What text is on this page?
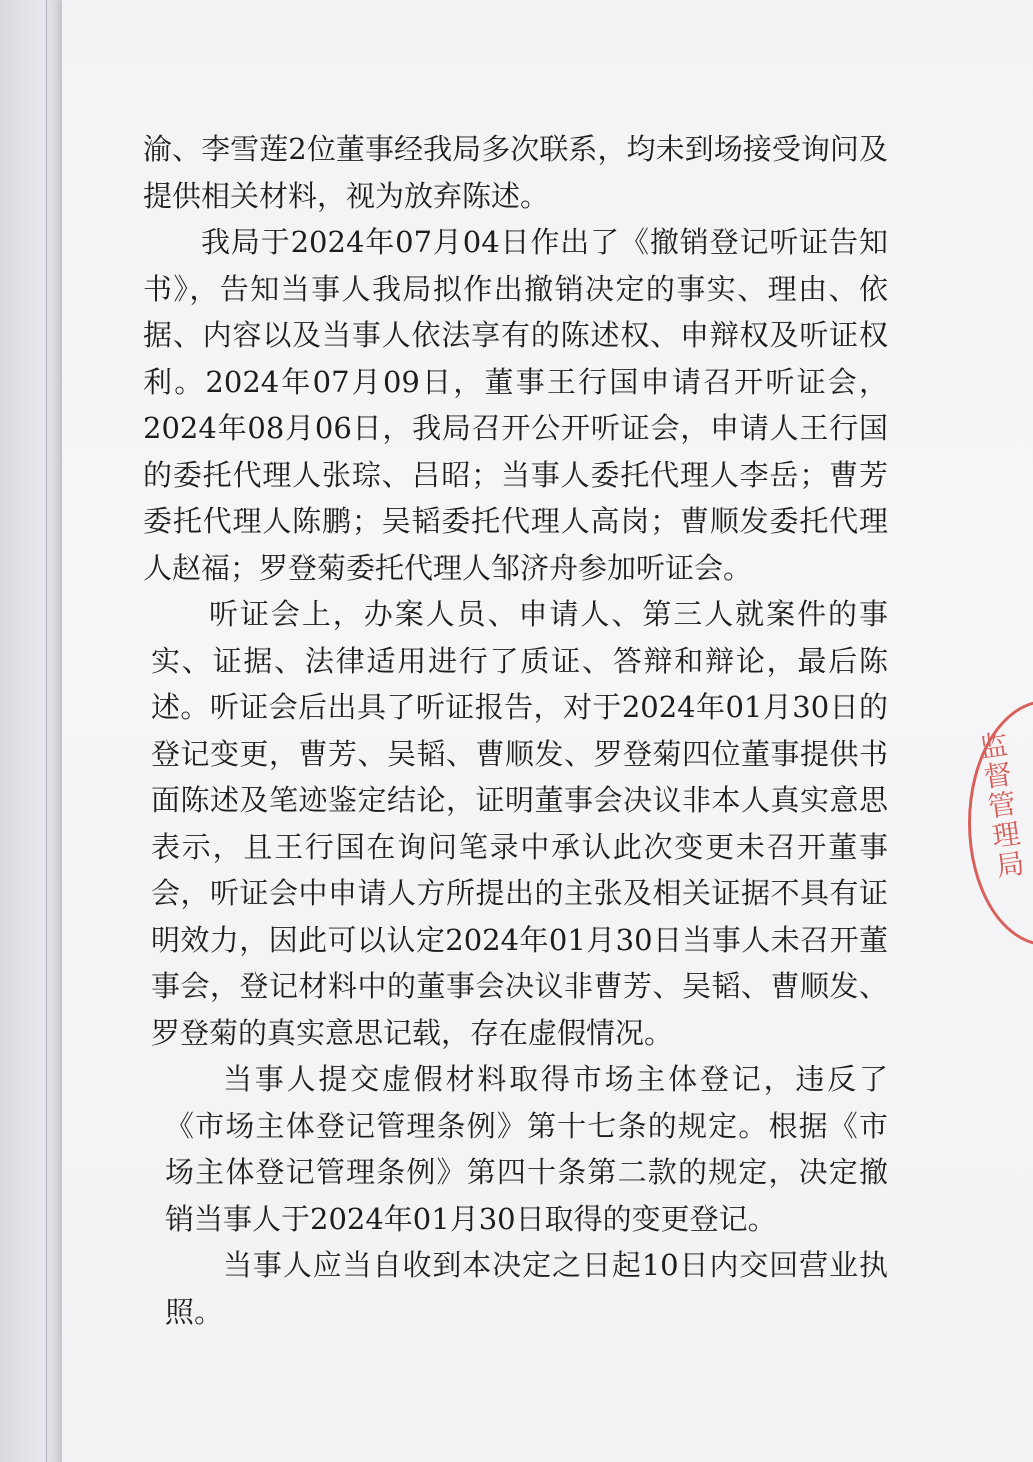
渝、李雪莲2位董事经我局多次联系，均未到场接受询问及提供相关材料，视为放弃陈述。

我局于2024年07月04日作出了《撤销登记听证告知书》，告知当事人我局拟作出撤销决定的事实、理由、依据、内容以及当事人依法享有的陈述权、申辩权及听证权利。2024年07月09日，董事王行国申请召开听证会，2024年08月06日，我局召开公开听证会，申请人王行国的委托代理人张琮、吕昭；当事人委托代理人李岳；曹芳委托代理人陈鹏；吴韬委托代理人高岗；曹顺发委托代理人赵福；罗登菊委托代理人邹济舟参加听证会。

听证会上，办案人员、申请人、第三人就案件的事实、证据、法律适用进行了质证、答辩和辩论，最后陈述。听证会后出具了听证报告，对于2024年01月30日的登记变更，曹芳、吴韬、曹顺发、罗登菊四位董事提供书面陈述及笔迹鉴定结论，证明董事会决议非本人真实意思表示，且王行国在询问笔录中承认此次变更未召开董事会，听证会中申请人方所提出的主张及相关证据不具有证明效力，因此可以认定2024年01月30日当事人未召开董事会，登记材料中的董事会决议非曹芳、吴韬、曹顺发、罗登菊的真实意思记载，存在虚假情况。

当事人提交虚假材料取得市场主体登记，违反了《市场主体登记管理条例》第十七条的规定。根据《市场主体登记管理条例》第四十条第二款的规定，决定撤销当事人于2024年01月30日取得的变更登记。

当事人应当自收到本决定之日起10日内交回营业执照。

监督管理局
